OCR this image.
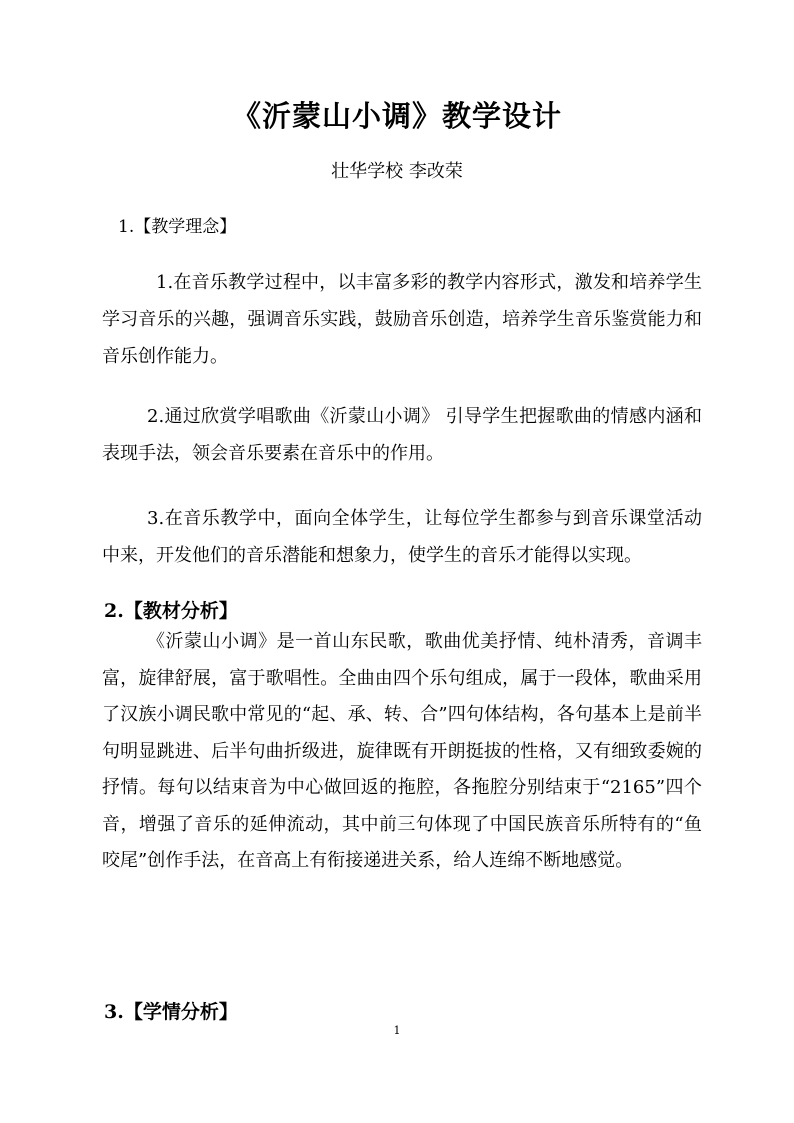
《沂蒙山小调》教学设计
壮华学校 李改荣
1.【教学理念】
1.在音乐教学过程中，以丰富多彩的教学内容形式，激发和培养学生学习音乐的兴趣，强调音乐实践，鼓励音乐创造，培养学生音乐鉴赏能力和音乐创作能力。
2.通过欣赏学唱歌曲《沂蒙山小调》 引导学生把握歌曲的情感内涵和表现手法，领会音乐要素在音乐中的作用。
3.在音乐教学中，面向全体学生，让每位学生都参与到音乐课堂活动中来，开发他们的音乐潜能和想象力，使学生的音乐才能得以实现。
2.【教材分析】
《沂蒙山小调》是一首山东民歌，歌曲优美抒情、纯朴清秀，音调丰富，旋律舒展，富于歌唱性。全曲由四个乐句组成，属于一段体，歌曲采用了汉族小调民歌中常见的“起、承、转、合”四句体结构，各句基本上是前半句明显跳进、后半句曲折级进，旋律既有开朗挺拔的性格，又有细致委婉的抒情。每句以结束音为中心做回返的拖腔，各拖腔分别结束于“2165”四个音，增强了音乐的延伸流动，其中前三句体现了中国民族音乐所特有的“鱼咬尾”创作手法，在音高上有衔接递进关系，给人连绵不断地感觉。
3.【学情分析】
1
